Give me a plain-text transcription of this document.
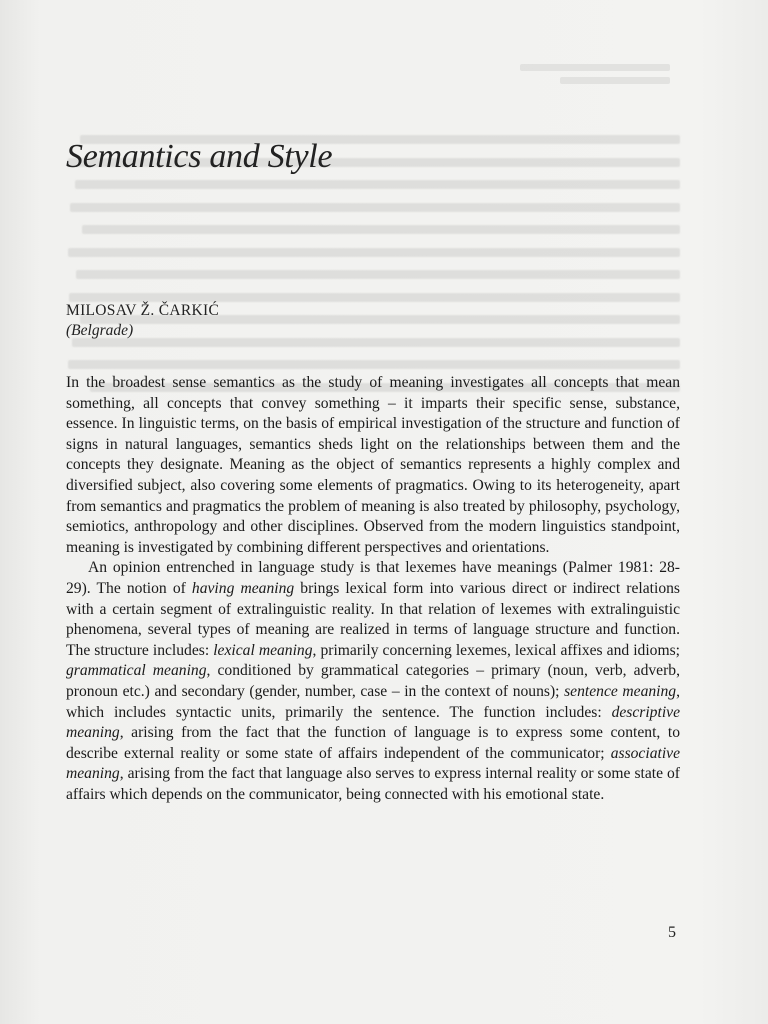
Semantics and Style
MILOSAV Ž. ČARKIĆ
(Belgrade)

In the broadest sense semantics as the study of meaning investigates all concepts that mean something, all concepts that convey something – it imparts their specific sense, substance, essence. In linguistic terms, on the basis of empirical investigation of the structure and function of signs in natural languages, semantics sheds light on the relationships between them and the concepts they designate. Meaning as the object of semantics represents a highly complex and diversified subject, also covering some elements of pragmatics. Owing to its heterogeneity, apart from semantics and pragmatics the problem of meaning is also treated by philosophy, psychology, semiotics, anthropology and other disciplines. Observed from the modern linguistics standpoint, meaning is investigated by combining different perspectives and orientations.

An opinion entrenched in language study is that lexemes have meanings (Palmer 1981: 28-29). The notion of having meaning brings lexical form into various direct or indirect relations with a certain segment of extralinguistic reality. In that relation of lexemes with extralinguistic phenomena, several types of meaning are realized in terms of language structure and function. The structure includes: lexical meaning, primarily concerning lexemes, lexical affixes and idioms; grammatical meaning, conditioned by grammatical categories – primary (noun, verb, adverb, pronoun etc.) and secondary (gender, number, case – in the context of nouns); sentence meaning, which includes syntactic units, primarily the sentence. The function includes: descriptive meaning, arising from the fact that the function of language is to express some content, to describe external reality or some state of affairs independent of the communicator; associative meaning, arising from the fact that language also serves to express internal reality or some state of affairs which depends on the communicator, being connected with his emotional state.

5
